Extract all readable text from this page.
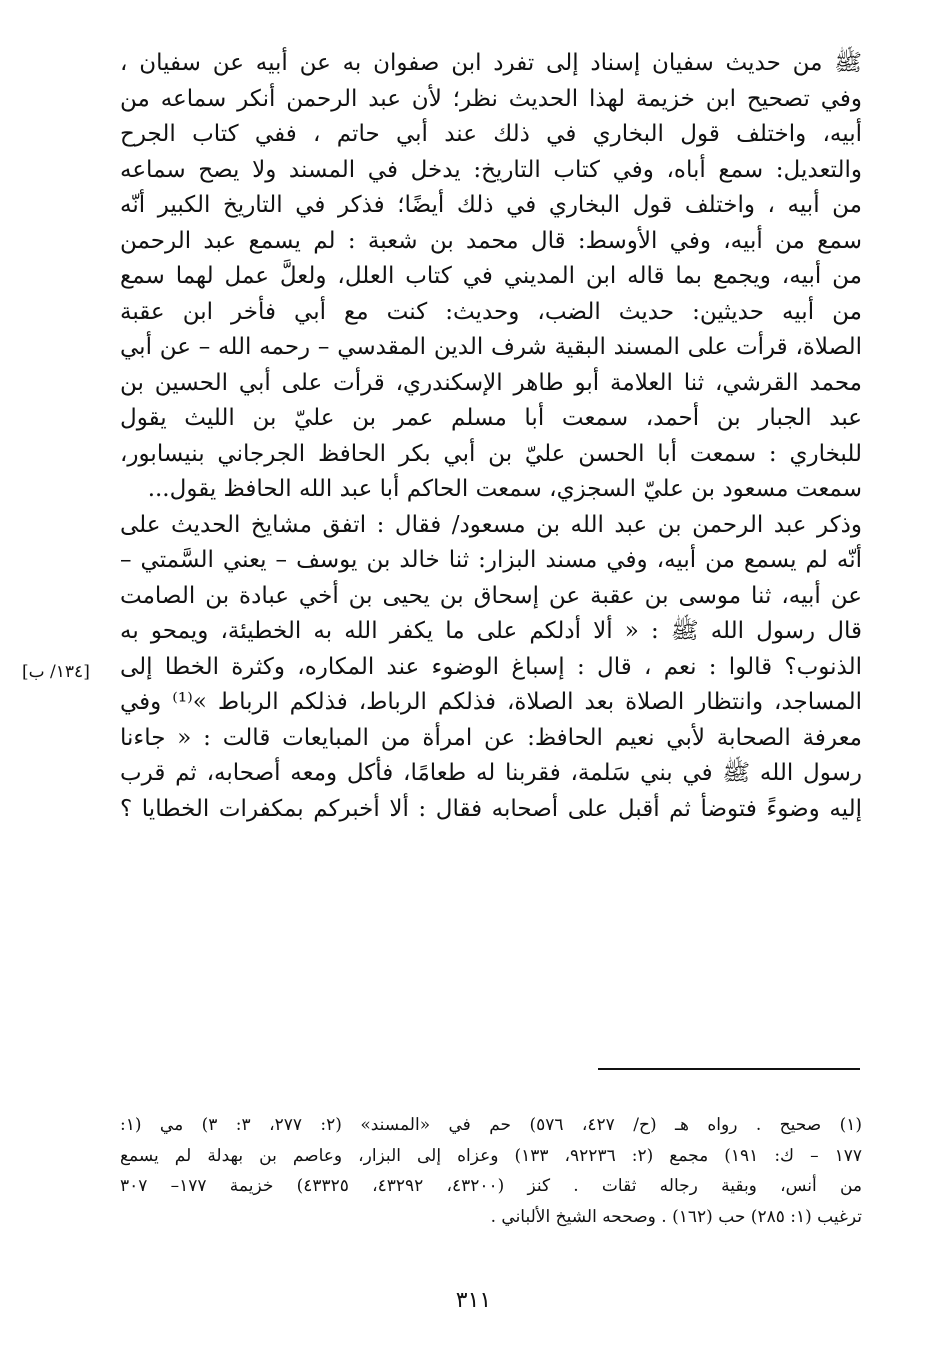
ﷺ من حديث سفيان إسناد إلى تفرد ابن صفوان به عن أبيه عن سفيان ،
وفي تصحيح ابن خزيمة لهذا الحديث نظر؛ لأن عبد الرحمن أنكر سماعه من
أبيه، واختلف قول البخاري في ذلك عند أبي حاتم ، ففي كتاب الجرح
والتعديل: سمع أباه، وفي كتاب التاريخ: يدخل في المسند ولا يصح سماعه
من أبيه ، واختلف قول البخاري في ذلك أيضًا؛ فذكر في التاريخ الكبير أنّه
سمع من أبيه، وفي الأوسط: قال محمد بن شعبة : لم يسمع عبد الرحمن
من أبيه، ويجمع بما قاله ابن المديني في كتاب العلل، ولعلَّ عمل لهما سمع
من أبيه حديثين: حديث الضب، وحديث: كنت مع أبي فأخر ابن عقبة
الصلاة، قرأت على المسند البقية شرف الدين المقدسي – رحمه الله – عن أبي
محمد القرشي، ثنا العلامة أبو طاهر الإسكندري، قرأت على أبي الحسين بن
عبد الجبار بن أحمد، سمعت أبا مسلم عمر بن عليّ بن الليث يقول
للبخاري : سمعت أبا الحسن عليّ بن أبي بكر الحافظ الجرجاني بنيسابور،
سمعت مسعود بن عليّ السجزي، سمعت الحاكم أبا عبد الله الحافظ يقول...
وذكر عبد الرحمن بن عبد الله بن مسعود/ فقال : اتفق مشايخ الحديث على
أنّه لم يسمع من أبيه، وفي مسند البزار: ثنا خالد بن يوسف – يعني السَّمتي –
عن أبيه، ثنا موسى بن عقبة عن إسحاق بن يحيى بن أخي عبادة بن الصامت
قال رسول الله ﷺ : « ألا أدلكم على ما يكفر الله به الخطيئة، ويمحو به
الذنوب؟ قالوا : نعم ، قال : إسباغ الوضوء عند المكاره، وكثرة الخطا إلى
المساجد، وانتظار الصلاة بعد الصلاة، فذلكم الرباط، فذلكم الرباط »⁽¹⁾ وفي
معرفة الصحابة لأبي نعيم الحافظ: عن امرأة من المبايعات قالت : « جاءنا
رسول الله ﷺ في بني سَلمة، فقربنا له طعامًا، فأكل ومعه أصحابه، ثم قرب
إليه وضوءً فتوضأ ثم أقبل على أصحابه فقال : ألا أخبركم بمكفرات الخطايا ؟
[١٣٤/ ب]
(١) صحيح . رواه هـ (ح/ ٤٢٧، ٥٧٦) حم في «المسند» (٢: ٢٧٧، ٣: ٣) مي (١:
١٧٧ – ك: ١٩١) مجمع (٢: ٩٢٢٣٦، ١٣٣) وعزاه إلى البزار، وعاصم بن بهدلة لم يسمع
من أنس، وبقية رجاله ثقات . كنز (٤٣٢٠٠، ٤٣٢٩٢، ٤٣٣٢٥) خزيمة ١٧٧– ٣٠٧
ترغيب (١: ٢٨٥) حب (١٦٢) . وصححه الشيخ الألباني .
٣١١
